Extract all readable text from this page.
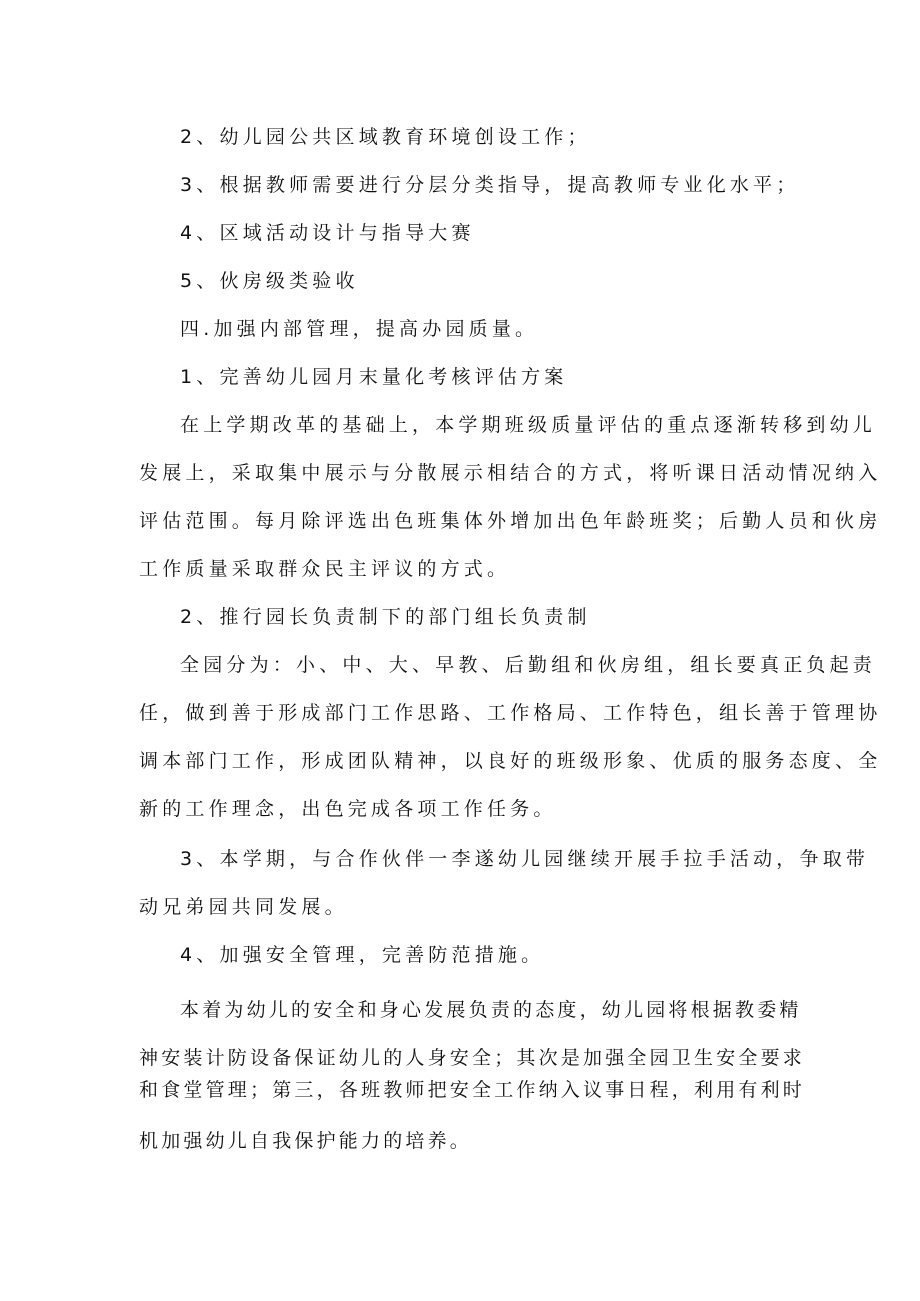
2、幼儿园公共区域教育环境创设工作；
3、根据教师需要进行分层分类指导，提高教师专业化水平；
4、区域活动设计与指导大赛
5、伙房级类验收
四.加强内部管理，提高办园质量。
1、完善幼儿园月末量化考核评估方案
在上学期改革的基础上，本学期班级质量评估的重点逐渐转移到幼儿
发展上，采取集中展示与分散展示相结合的方式，将听课日活动情况纳入
评估范围。每月除评选出色班集体外增加出色年龄班奖；后勤人员和伙房
工作质量采取群众民主评议的方式。
2、推行园长负责制下的部门组长负责制
全园分为：小、中、大、早教、后勤组和伙房组，组长要真正负起责
任，做到善于形成部门工作思路、工作格局、工作特色，组长善于管理协
调本部门工作，形成团队精神，以良好的班级形象、优质的服务态度、全
新的工作理念，出色完成各项工作任务。
3、本学期，与合作伙伴一李遂幼儿园继续开展手拉手活动，争取带
动兄弟园共同发展。
4、加强安全管理，完善防范措施。
本着为幼儿的安全和身心发展负责的态度，幼儿园将根据教委精
神安装计防设备保证幼儿的人身安全；其次是加强全园卫生安全要求
和食堂管理；第三，各班教师把安全工作纳入议事日程，利用有利时
机加强幼儿自我保护能力的培养。
